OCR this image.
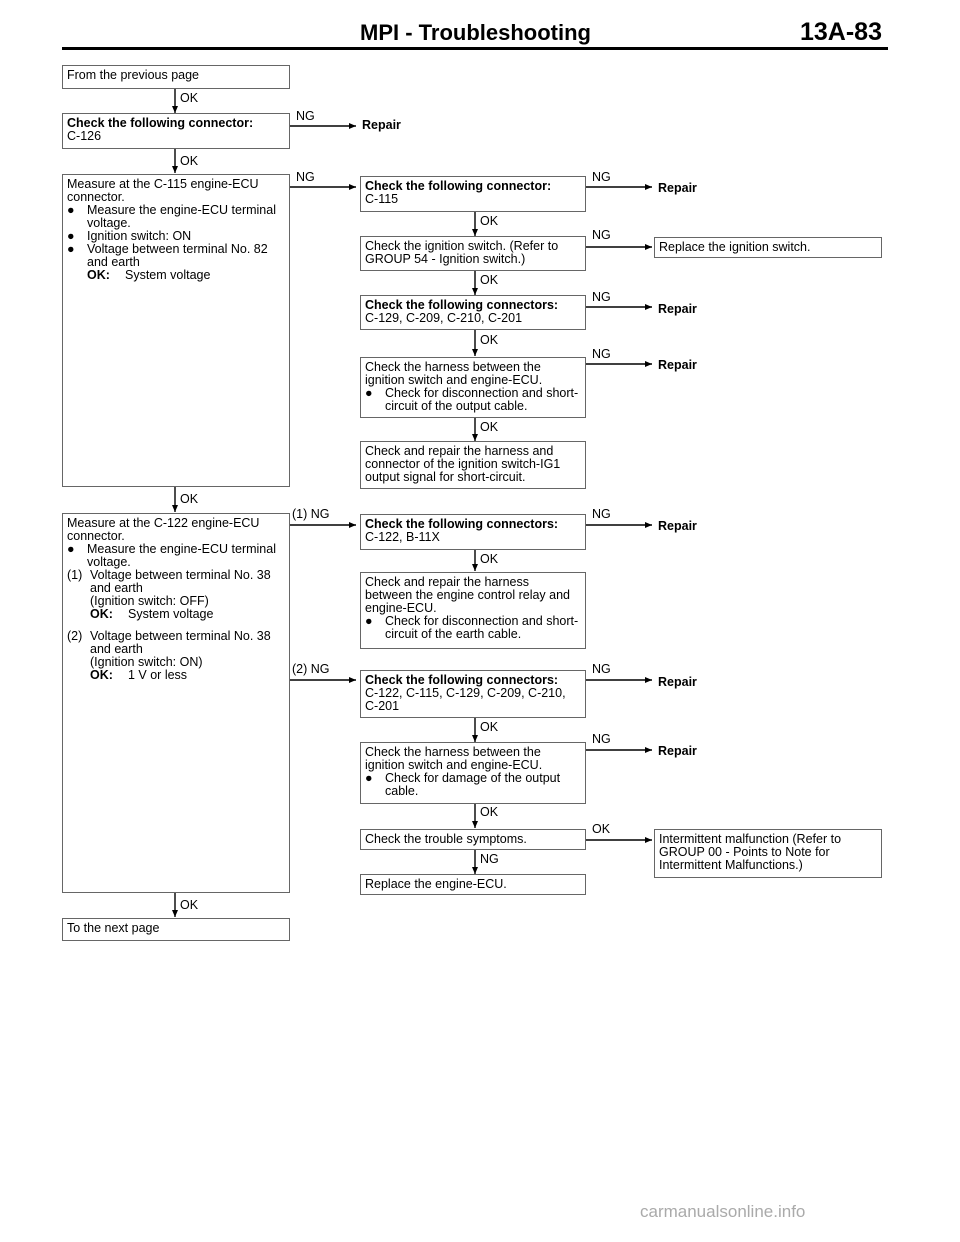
MPI - Troubleshooting	13A-83
From the previous page
OK
Check the following connector:
C-126
NG
Repair
OK
Measure at the C-115 engine-ECU
connector.
● Measure the engine-ECU terminal voltage.
● Ignition switch: ON
● Voltage between terminal No. 82 and earth
OK: System voltage
NG
OK
Measure at the C-122 engine-ECU
connector.
● Measure the engine-ECU terminal voltage.
(1) Voltage between terminal No. 38
and earth
(Ignition switch: OFF)
OK: System voltage
(2) Voltage between terminal No. 38
and earth
(Ignition switch: ON)
OK: 1 V or less
(1) NG
(2) NG
OK
To the next page
Check the following connector:
C-115
NG
Repair
OK
Check the ignition switch. (Refer to
GROUP 54 - Ignition switch.)
NG
Replace the ignition switch.
OK
Check the following connectors:
C-129, C-209, C-210, C-201
NG
Repair
OK
Check the harness between the
ignition switch and engine-ECU.
● Check for disconnection and short-circuit of the output cable.
NG
Repair
OK
Check and repair the harness and
connector of the ignition switch-IG1
output signal for short-circuit.
Check the following connectors:
C-122, B-11X
NG
Repair
OK
Check and repair the harness
between the engine control relay and
engine-ECU.
● Check for disconnection and short-circuit of the earth cable.
Check the following connectors:
C-122, C-115, C-129, C-209, C-210,
C-201
NG
Repair
OK
Check the harness between the
ignition switch and engine-ECU.
● Check for damage of the output cable.
NG
Repair
OK
Check the trouble symptoms.
OK
Intermittent malfunction (Refer to
GROUP 00 - Points to Note for
Intermittent Malfunctions.)
NG
Replace the engine-ECU.
carmanualsonline.info
